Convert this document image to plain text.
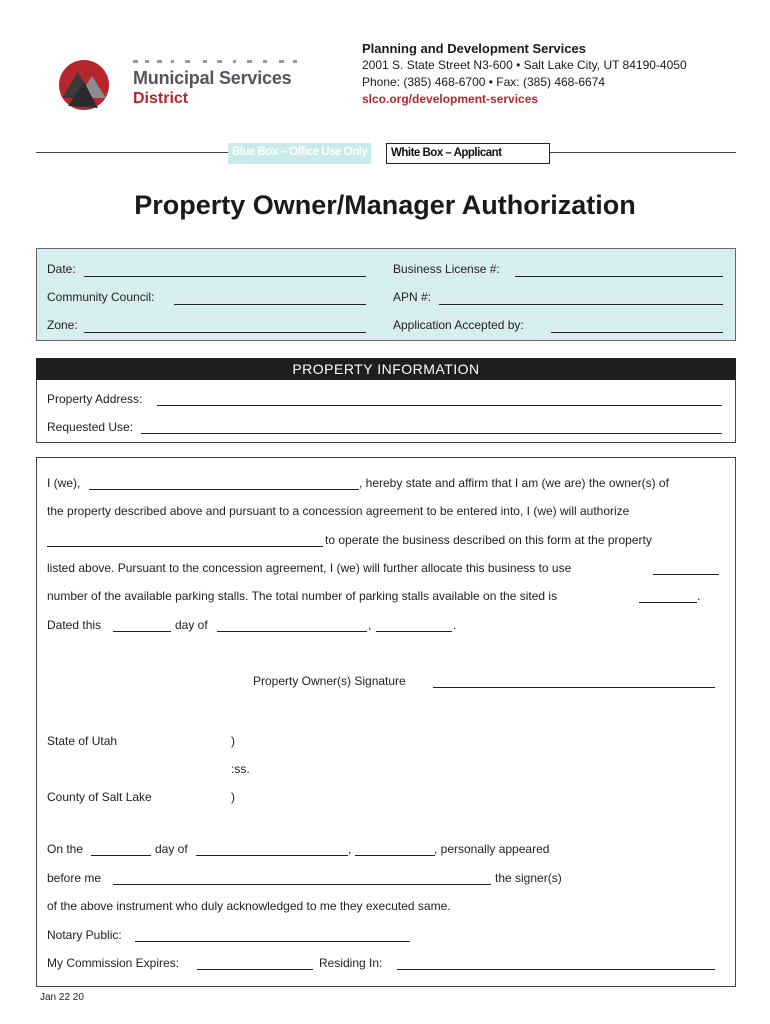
Municipal Services
District
Planning and Development Services
2001 S. State Street N3-600 • Salt Lake City, UT 84190-4050
Phone: (385) 468-6700 • Fax: (385) 468-6674
slco.org/development-services
Blue Box – Office Use Only	White Box – Applicant
Property Owner/Manager Authorization
Date:	Business License #:
Community Council:	APN #:
Zone:	Application Accepted by:
PROPERTY INFORMATION
Property Address:
Requested Use:
I (we),	, hereby state and affirm that I am (we are) the owner(s) of
the property described above and pursuant to a concession agreement to be entered into, I (we) will authorize
to operate the business described on this form at the property
listed above. Pursuant to the concession agreement, I (we) will further allocate this business to use
number of the available parking stalls. The total number of parking stalls available on the sited is	.
Dated this	day of	,	.
Property Owner(s) Signature
State of Utah	)
:ss.
County of Salt Lake	)
On the	day of	,	, personally appeared
before me	the signer(s)
of the above instrument who duly acknowledged to me they executed same.
Notary Public:
My Commission Expires:	Residing In:
Jan 22 20
